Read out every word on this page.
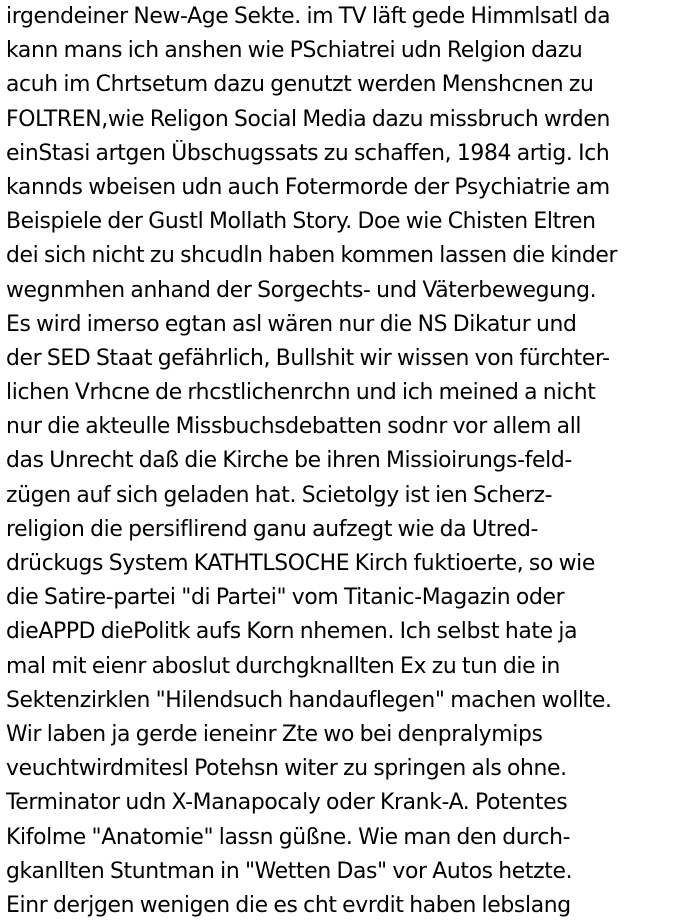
irgendeiner New-Age Sekte. im TV läft gede Himmlsatl da
kann mans ich anshen wie PSchiatrei udn Relgion dazu
acuh im Chrtsetum dazu genutzt werden Menshcnen zu
FOLTREN,wie Religon Social Media dazu missbruch wrden
einStasi artgen Übschugssats zu schaffen, 1984 artig. Ich
kannds wbeisen udn auch Fotermorde der Psychiatrie am
Beispiele der Gustl Mollath Story. Doe wie Chisten Eltren
dei sich nicht zu shcudln haben kommen lassen die kinder
wegnmhen anhand der Sorgechts- und Väterbewegung.
Es wird imerso egtan asl wären nur die NS Dikatur und
der SED Staat gefährlich, Bullshit wir wissen von fürchter-
lichen Vrhcne de rhcstlichenrchn und ich meined a nicht
nur die akteulle Missbuchsdebatten sodnr vor allem all
das Unrecht daß die Kirche be ihren Missioirungs-feld-
zügen auf sich geladen hat. Scietolgy ist ien Scherz-
religion die persiflirend ganu aufzegt wie da Utred-
drückugs System KATHTLSOCHE Kirch fuktioerte, so wie
die Satire-partei "di Partei" vom Titanic-Magazin oder
dieAPPD diePolitk aufs Korn nhemen. Ich selbst hate ja
mal mit eienr aboslut durchgknallten Ex zu tun die in
Sektenzirklen "Hilendsuch handauflegen" machen wollte.
Wir laben ja gerde ieneinr Zte wo bei denpralymips
veuchtwirdmitesl Potehsn witer zu springen als ohne.
Terminator udn X-Manapocaly oder Krank-A. Potentes
Kifolme "Anatomie" lassn güßne. Wie man den durch-
gkanllten Stuntman in "Wetten Das" vor Autos hetzte.
Einr derjgen wenigen die es cht evrdit haben lebslang
